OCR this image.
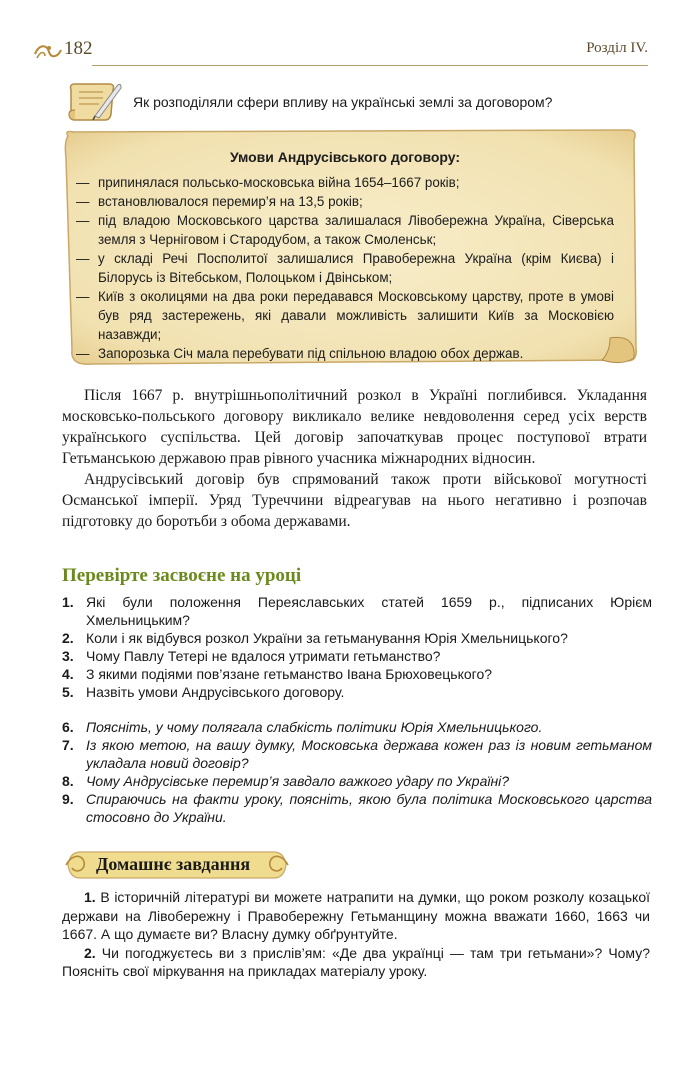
182	Розділ IV.
Як розподіляли сфери впливу на українські землі за договором?
Умови Андрусівського договору:
— припинялася польсько-московська війна 1654–1667 років;
— встановлювалося перемир’я на 13,5 років;
— під владою Московського царства залишалася Лівобережна Україна, Сіверська земля з Черніговом і Стародубом, а також Смоленськ;
— у складі Речі Посполитої залишалися Правобережна Україна (крім Києва) і Білорусь із Вітебськом, Полоцьком і Двінськом;
— Київ з околицями на два роки передавався Московському царству, проте в умові був ряд застережень, які давали можливість залишити Київ за Московією назавжди;
— Запорозька Січ мала перебувати під спільною владою обох держав.

Після 1667 р. внутрішньополітичний розкол в Україні поглибився. Укладання московсько-польського договору викликало велике невдоволення серед усіх верств українського суспільства. Цей договір започаткував процес поступової втрати Гетьманською державою прав рівного учасника міжнародних відносин.

Андрусівський договір був спрямований також проти військової могутності Османської імперії. Уряд Туреччини відреагував на нього негативно і розпочав підготовку до боротьби з обома державами.

Перевірте засвоєне на уроці
1. Які були положення Переяславських статей 1659 р., підписаних Юрієм Хмельницьким?
2. Коли і як відбувся розкол України за гетьманування Юрія Хмельницького?
3. Чому Павлу Тетері не вдалося утримати гетьманство?
4. З якими подіями пов’язане гетьманство Івана Брюховецького?
5. Назвіть умови Андрусівського договору.
6. Поясніть, у чому полягала слабкість політики Юрія Хмельницького.
7. Із якою метою, на вашу думку, Московська держава кожен раз із новим гетьманом укладала новий договір?
8. Чому Андрусівське перемир’я завдало важкого удару по Україні?
9. Спираючись на факти уроку, поясніть, якою була політика Московського царства стосовно до України.
Домашнє завдання

1. В історичній літературі ви можете натрапити на думки, що роком розколу козацької держави на Лівобережну і Правобережну Гетьманщину можна вважати 1660, 1663 чи 1667. А що думаєте ви? Власну думку обґрунтуйте.

2. Чи погоджуєтесь ви з прислів’ям: «Де два українці — там три гетьмани»? Чому? Поясніть свої міркування на прикладах матеріалу уроку.
